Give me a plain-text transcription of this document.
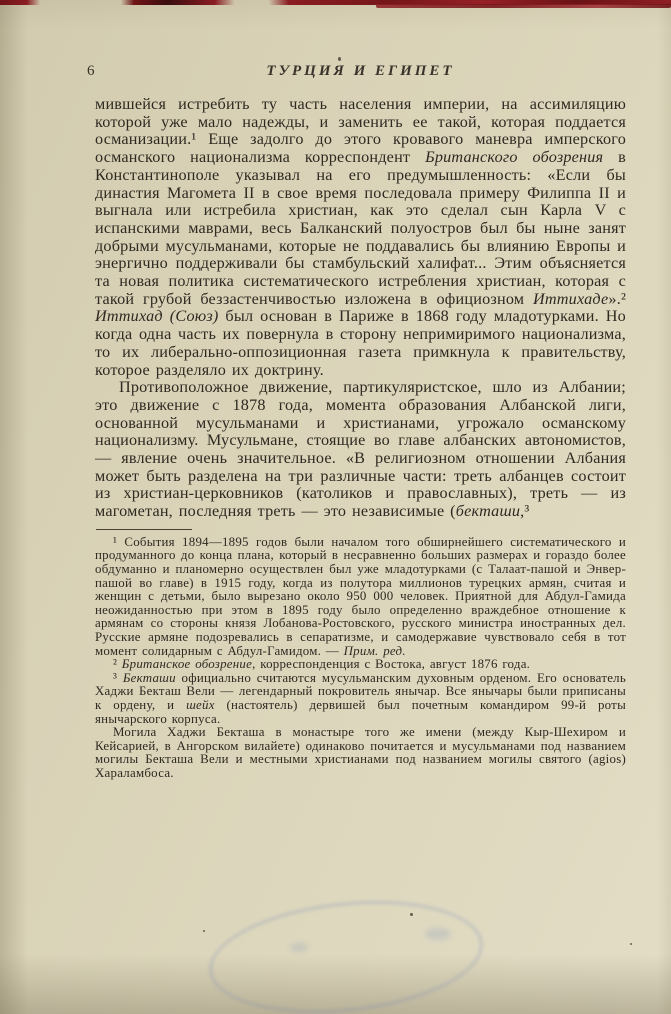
6	ТУРЦИЯ И ЕГИПЕТ

мившейся истребить ту часть населения империи, на ассимиляцию которой уже мало надежды, и заменить ее такой, которая поддается османизации.¹ Еще задолго до этого кровавого маневра имперского османского национализма корреспондент Британского обозрения в Константинополе указывал на его предумышленность: «Если бы династия Магомета II в свое время последовала примеру Филиппа II и выгнала или истребила христиан, как это сделал сын Карла V с испанскими маврами, весь Балканский полуостров был бы ныне занят добрыми мусульманами, которые не поддавались бы влиянию Европы и энергично поддерживали бы стамбульский халифат... Этим объясняется та новая политика систематического истребления христиан, которая с такой грубой беззастенчивостью изложена в официозном Иттихаде».² Иттихад (Союз) был основан в Париже в 1868 году младотурками. Но когда одна часть их повернула в сторону непримиримого национализма, то их либерально-оппозиционная газета примкнула к правительству, которое разделяло их доктрину.

Противоположное движение, партикуляристское, шло из Албании; это движение с 1878 года, момента образования Албанской лиги, основанной мусульманами и христианами, угрожало османскому национализму. Мусульмане, стоящие во главе албанских автономистов, — явление очень значительное. «В религиозном отношении Албания может быть разделена на три различные части: треть албанцев состоит из христиан-церковников (католиков и православных), треть — из магометан, последняя треть — это независимые (бекташи,³

¹ События 1894—1895 годов были началом того обширнейшего систематического и продуманного до конца плана, который в несравненно больших размерах и гораздо более обдуманно и планомерно осуществлен был уже младотурками (с Талаат-пашой и Энвер-пашой во главе) в 1915 году, когда из полутора миллионов турецких армян, считая и женщин с детьми, было вырезано около 950 000 человек. Приятной для Абдул-Гамида неожиданностью при этом в 1895 году было определенно враждебное отношение к армянам со стороны князя Лобанова-Ростовского, русского министра иностранных дел. Русские армяне подозревались в сепаратизме, и самодержавие чувствовало себя в тот момент солидарным с Абдул-Гамидом. — Прим. ред.

² Британское обозрение, корреспонденция с Востока, август 1876 года.

³ Бекташи официально считаются мусульманским духовным орденом. Его основатель Хаджи Бекташ Вели — легендарный покровитель янычар. Все янычары были приписаны к ордену, и шейх (настоятель) дервишей был почетным командиром 99-й роты янычарского корпуса.

Могила Хаджи Бекташа в монастыре того же имени (между Кыр-Шехиром и Кейсарией, в Ангорском вилайете) одинаково почитается и мусульманами под названием могилы Бекташа Вели и местными христианами под названием могилы святого (agios) Хараламбоса.
